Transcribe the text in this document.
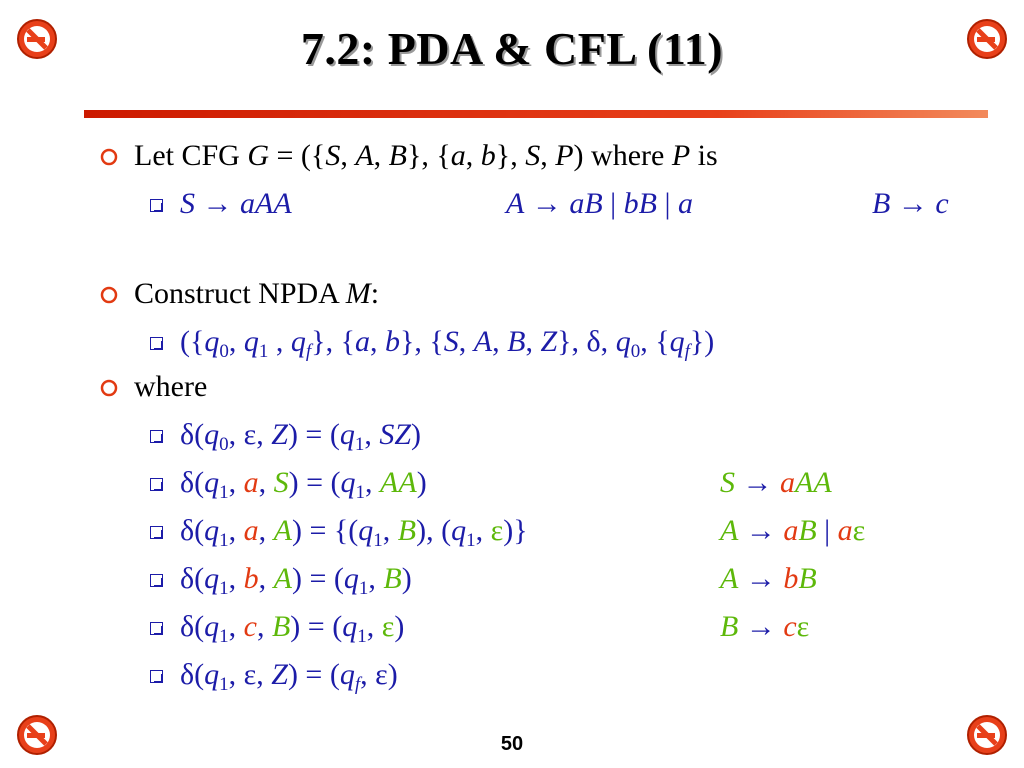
7.2: PDA & CFL (11)
Let CFG G = ({S, A, B}, {a, b}, S, P) where P is
S → aAA	A → aB | bB | a	B → c
Construct NPDA M:
({$q_0$, $q_1$ , $q_f$}, {a, b}, {S, A, B, Z}, δ, $q_0$, $\{q_f\}$)
where
$\delta(q_0$, ε, $Z) = (q_1$, SZ)
$\delta(q_1$, a, $S) = (q_1$, AA)	S → aAA
$\delta(q_1$, a, $A) = \{(q_1$, B), ($q_1$, ε)}	A → aB | aε
$\delta(q_1$, b, $A) = (q_1$, B)	A → bB
$\delta(q_1$, c, $B) = (q_1$, ε)	B → cε
$\delta(q_1$, ε, $Z) = (q_f$, ε)
50
